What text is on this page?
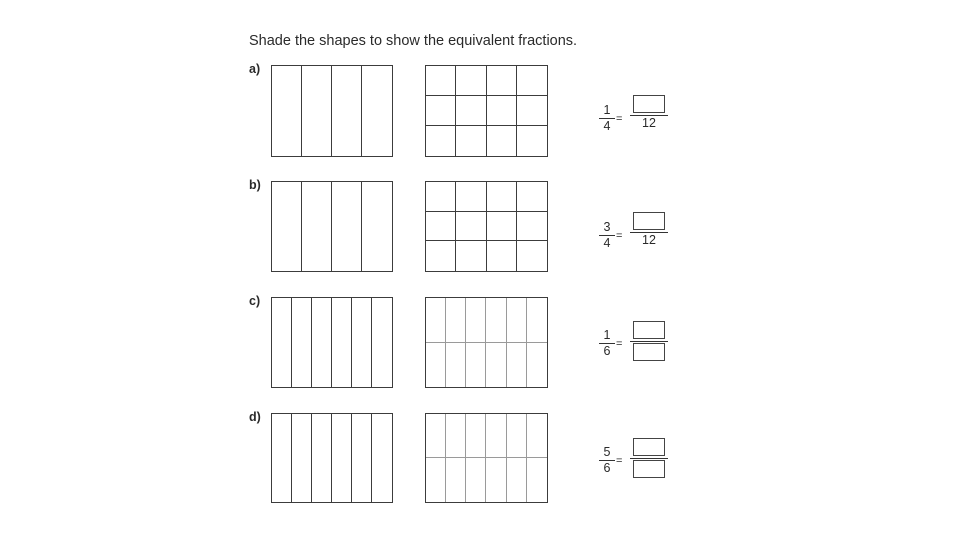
Shade the shapes to show the equivalent fractions.
a)
1
4
=	12
b)
3
4
=	12
c)
1
6
=
d)
5
6
=
